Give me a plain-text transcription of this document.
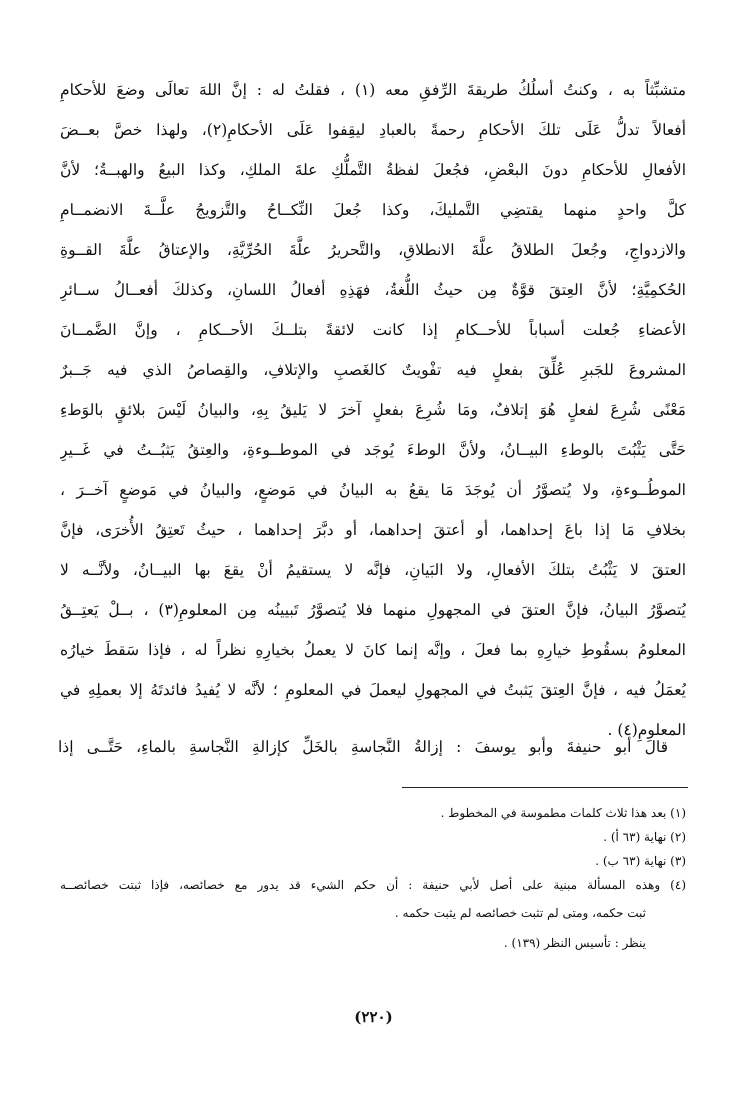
متشبِّثاً به ، وكنتُ أسلُكُ طريقةَ الرِّفقِ معه (١) ، فقلتُ له : إنَّ اللهَ تعالَى وضعَ للأحكامِ
أفعالاً تدلُّ عَلَى تلكَ الأحكامِ رحمةً بالعبادِ ليقِفوا عَلَى الأحكامِ(٢)، ولهذا خصَّ بعــضَ
الأفعالِ للأحكامِ دونَ البعْضِ، فجُعلَ لفظةُ التَّملُّكِ علةَ الملكِ، وكذا البيعُ والهبــةُ؛ لأنَّ
كلَّ واحدٍ منهما يقتضِي التَّمليكَ، وكذا جُعلَ النِّكــاحُ والتَّزويجُ علَّــةَ الانضمــامِ
والازدواجِ، وجُعلَ الطلاقُ علَّةَ الانطلاقِ، والتَّحريرُ علَّةَ الحُرِّيَّةِ، والإعتاقُ علَّةَ القــوةِ
الحُكمِيَّةِ؛ لأنَّ العِتقَ قوَّةٌ مِن حيثُ اللُّغةُ، فهَذِهِ أفعالُ اللسانِ، وكذلكَ أفعــالُ ســائرِ
الأعضاءِ جُعلت أسباباً للأحــكامِ إذا كانت لائقةً بتلــكَ الأحــكامِ ، وإنَّ الضَّمــانَ
المشروعَ للجَبرِ عُلِّقَ بفعلٍ فيه تفْويتٌ كالغَصبِ والإتلافِ، والقِصاصُ الذي فيه جَــبرٌ
مَعْنًى شُرِعَ لفعلٍ هُوَ إتلافٌ، ومَا شُرِعَ بفعلٍ آخرَ لا يَليقُ بِهِ، والبيانُ لَيْسَ بلائقٍ بالوَطءِ
حَتَّى يَثْبُتَ بالوطءِ البيــانُ، ولأنَّ الوطءَ يُوجَد في الموطــوءةِ، والعِتقُ يَثبُــتُ في غَــيرِ
الموطُــوءةِ، ولا يُتصوَّرُ أن يُوجَدَ مَا يقعُ به البيانُ في مَوضعٍ، والبيانُ في مَوضعٍ آخــرَ ،
بخلافِ مَا إذا باعَ إحداهما، أو أعتقَ إحداهما، أو دبَّرَ إحداهما ، حيثُ تَعتِقُ الأُخرَى، فإنَّ
العتقَ لا يَثْبُتُ بتلكَ الأفعالِ، ولا البَيانِ، فإنَّه لا يستقيمُ أنْ يقعَ بها البيــانُ، ولأنَّــه لا
يُتصوَّرُ البيانُ، فإنَّ العتقَ في المجهولِ منهما فلا يُتصوَّرُ تَبيينُه مِن المعلومِ(٣) ، بــلْ يَعتِــقُ
المعلومُ بسقُوطِ خيارِهِ بما فعلَ ، وإنَّه إنما كانَ لا يعملُ بخيارِهِ نظراً له ، فإذا سَقطَ خيارُه
يُعمَلُ فيه ، فإنَّ العِتقَ يَثبتُ في المجهولِ ليعملَ في المعلومِ ؛ لأنَّه لا يُفيدُ فائدتَهُ إلا بعملِهِ في
المعلومِ(٤) .
قالَ أبو حنيفةَ وأبو يوسفَ : إزالةُ النَّجاسةِ بالخَلِّ كإزالةِ النَّجاسةِ بالماءِ، حَتَّــى إذا
(١) بعد هذا ثلاث كلمات مطموسة في المخطوط .
(٢) نهاية (٦٣ أ) .
(٣) نهاية (٦٣ ب) .
(٤) وهذه المسألة مبنية على أصل لأبي حنيفة : أن حكم الشيء قد يدور مع خصائصه، فإذا ثبتت خصائصــه
ثبت حكمه، ومتى لم تثبت خصائصه لم يثبت حكمه .
ينظر : تأسيس النظر (١٣٩) .
(٢٢٠)
